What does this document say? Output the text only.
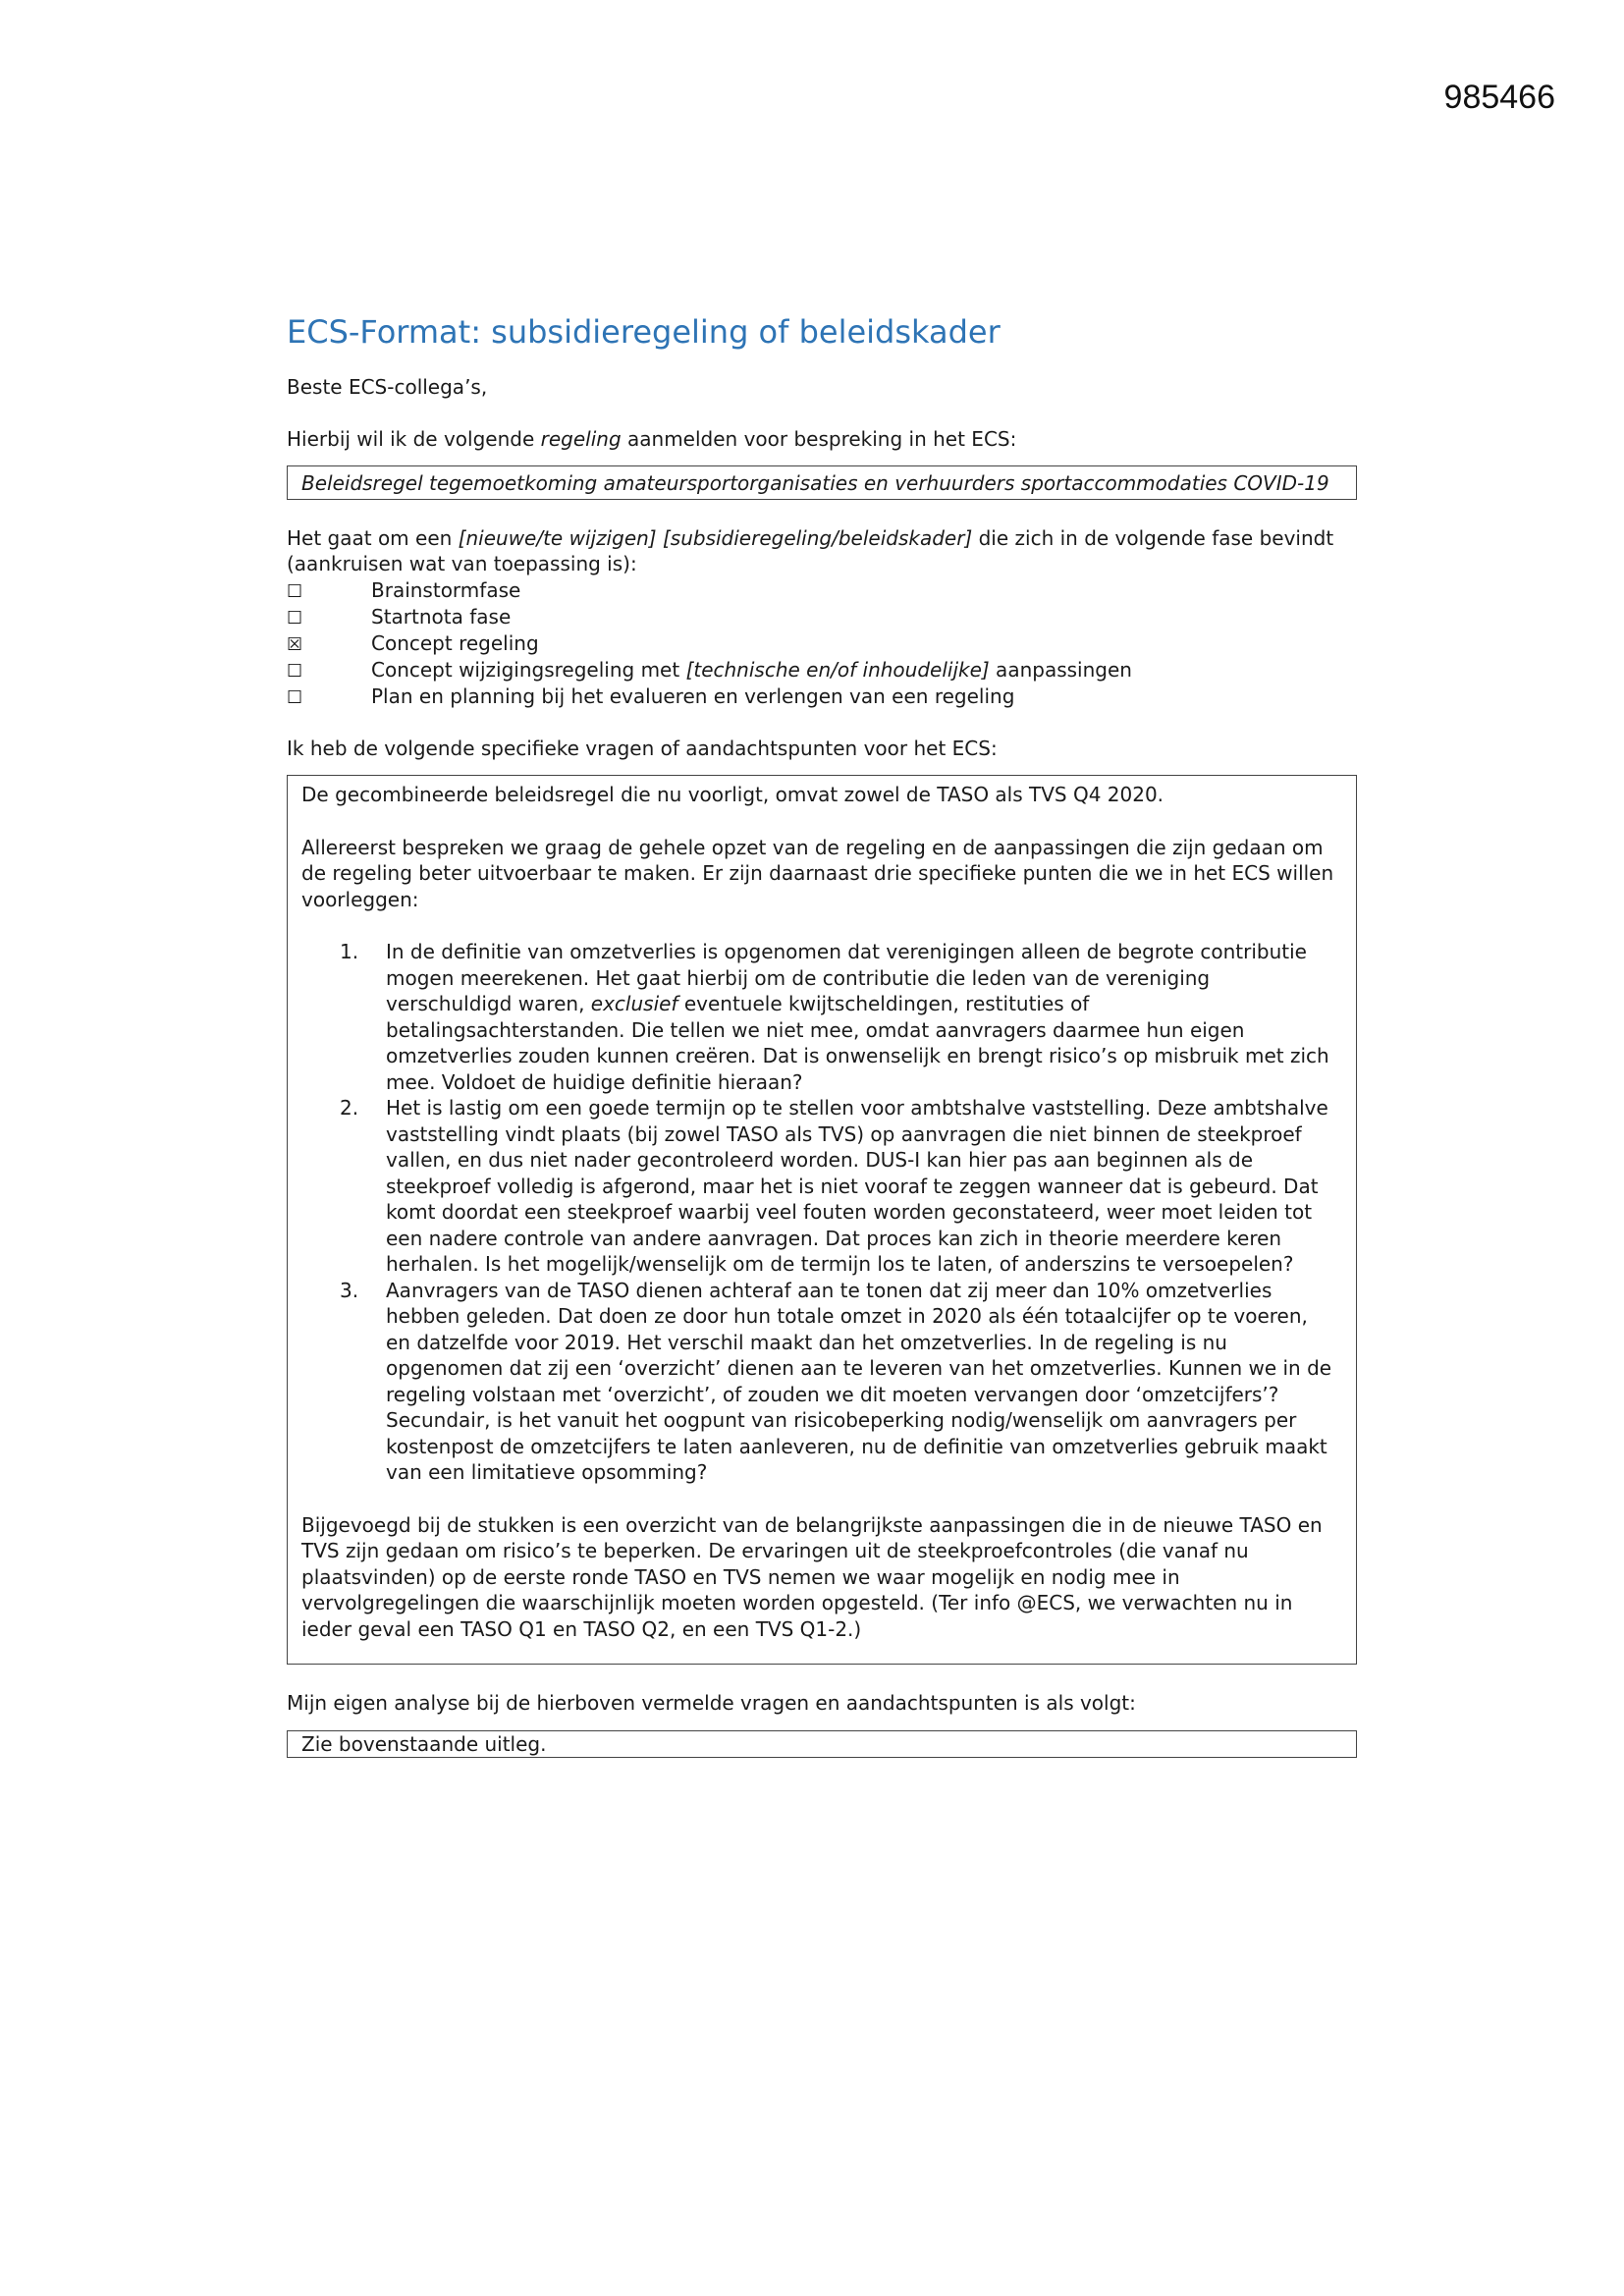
985466
ECS-Format: subsidieregeling of beleidskader

Beste ECS-collega’s,

Hierbij wil ik de volgende regeling aanmelden voor bespreking in het ECS:

Beleidsregel tegemoetkoming amateursportorganisaties en verhuurders sportaccommodaties COVID-19

Het gaat om een [nieuwe/te wijzigen] [subsidieregeling/beleidskader] die zich in de volgende fase bevindt (aankruisen wat van toepassing is):

☐	Brainstormfase
☐	Startnota fase
☒	Concept regeling
☐	Concept wijzigingsregeling met [technische en/of inhoudelijke] aanpassingen
☐	Plan en planning bij het evalueren en verlengen van een regeling

Ik heb de volgende specifieke vragen of aandachtspunten voor het ECS:

De gecombineerde beleidsregel die nu voorligt, omvat zowel de TASO als TVS Q4 2020.

Allereerst bespreken we graag de gehele opzet van de regeling en de aanpassingen die zijn gedaan om de regeling beter uitvoerbaar te maken. Er zijn daarnaast drie specifieke punten die we in het ECS willen voorleggen:

1.	In de definitie van omzetverlies is opgenomen dat verenigingen alleen de begrote contributie mogen meerekenen. Het gaat hierbij om de contributie die leden van de vereniging verschuldigd waren, exclusief eventuele kwijtscheldingen, restituties of betalingsachterstanden. Die tellen we niet mee, omdat aanvragers daarmee hun eigen omzetverlies zouden kunnen creëren. Dat is onwenselijk en brengt risico’s op misbruik met zich mee. Voldoet de huidige definitie hieraan?
2.	Het is lastig om een goede termijn op te stellen voor ambtshalve vaststelling. Deze ambtshalve vaststelling vindt plaats (bij zowel TASO als TVS) op aanvragen die niet binnen de steekproef vallen, en dus niet nader gecontroleerd worden. DUS-I kan hier pas aan beginnen als de steekproef volledig is afgerond, maar het is niet vooraf te zeggen wanneer dat is gebeurd. Dat komt doordat een steekproef waarbij veel fouten worden geconstateerd, weer moet leiden tot een nadere controle van andere aanvragen. Dat proces kan zich in theorie meerdere keren herhalen. Is het mogelijk/wenselijk om de termijn los te laten, of anderszins te versoepelen?
3.	Aanvragers van de TASO dienen achteraf aan te tonen dat zij meer dan 10% omzetverlies hebben geleden. Dat doen ze door hun totale omzet in 2020 als één totaalcijfer op te voeren, en datzelfde voor 2019. Het verschil maakt dan het omzetverlies. In de regeling is nu opgenomen dat zij een ‘overzicht’ dienen aan te leveren van het omzetverlies. Kunnen we in de regeling volstaan met ‘overzicht’, of zouden we dit moeten vervangen door ‘omzetcijfers’?
Secundair, is het vanuit het oogpunt van risicobeperking nodig/wenselijk om aanvragers per kostenpost de omzetcijfers te laten aanleveren, nu de definitie van omzetverlies gebruik maakt van een limitatieve opsomming?

Bijgevoegd bij de stukken is een overzicht van de belangrijkste aanpassingen die in de nieuwe TASO en TVS zijn gedaan om risico’s te beperken. De ervaringen uit de steekproefcontroles (die vanaf nu plaatsvinden) op de eerste ronde TASO en TVS nemen we waar mogelijk en nodig mee in vervolgregelingen die waarschijnlijk moeten worden opgesteld. (Ter info @ECS, we verwachten nu in ieder geval een TASO Q1 en TASO Q2, en een TVS Q1-2.)

Mijn eigen analyse bij de hierboven vermelde vragen en aandachtspunten is als volgt:

Zie bovenstaande uitleg.
